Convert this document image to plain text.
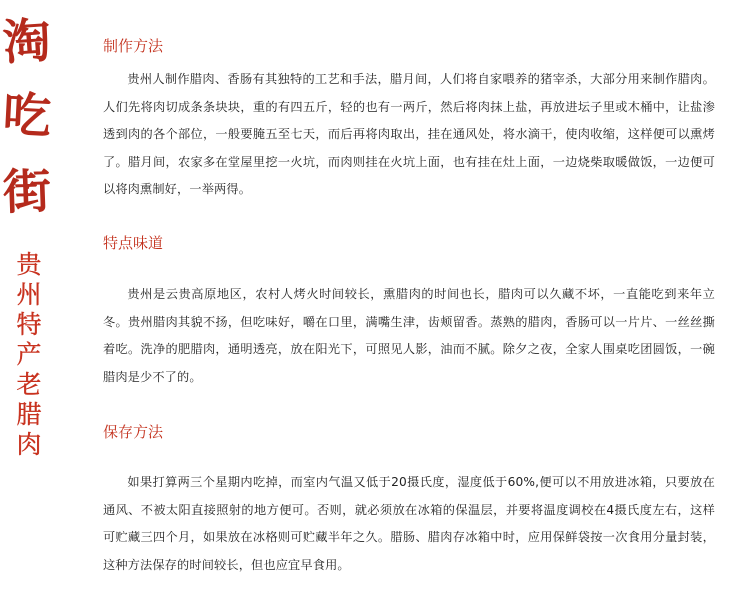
淘
吃
街
贵州特产老腊肉
制作方法

贵州人制作腊肉、香肠有其独特的工艺和手法，腊月间，人们将自家喂养的猪宰杀，大部分用来制作腊肉。人们先将肉切成条条块块，重的有四五斤，轻的也有一两斤，然后将肉抹上盐，再放进坛子里或木桶中，让盐渗透到肉的各个部位，一般要腌五至七天，而后再将肉取出，挂在通风处，将水滴干，使肉收缩，这样便可以熏烤了。腊月间，农家多在堂屋里挖一火坑，而肉则挂在火坑上面，也有挂在灶上面，一边烧柴取暖做饭，一边便可以将肉熏制好，一举两得。

特点味道

贵州是云贵高原地区，农村人烤火时间较长，熏腊肉的时间也长，腊肉可以久藏不坏，一直能吃到来年立冬。贵州腊肉其貌不扬，但吃味好，嚼在口里，满嘴生津，齿颊留香。蒸熟的腊肉，香肠可以一片片、一丝丝撕着吃。洗净的肥腊肉，通明透亮，放在阳光下，可照见人影，油而不腻。除夕之夜，全家人围桌吃团圆饭，一碗腊肉是少不了的。

保存方法

如果打算两三个星期内吃掉，而室内气温又低于20摄氏度，湿度低于60%,便可以不用放进冰箱，只要放在通风、不被太阳直接照射的地方便可。否则，就必须放在冰箱的保温层，并要将温度调校在4摄氏度左右，这样可贮藏三四个月，如果放在冰格则可贮藏半年之久。腊肠、腊肉存冰箱中时，应用保鲜袋按一次食用分量封装，这种方法保存的时间较长，但也应宜早食用。
